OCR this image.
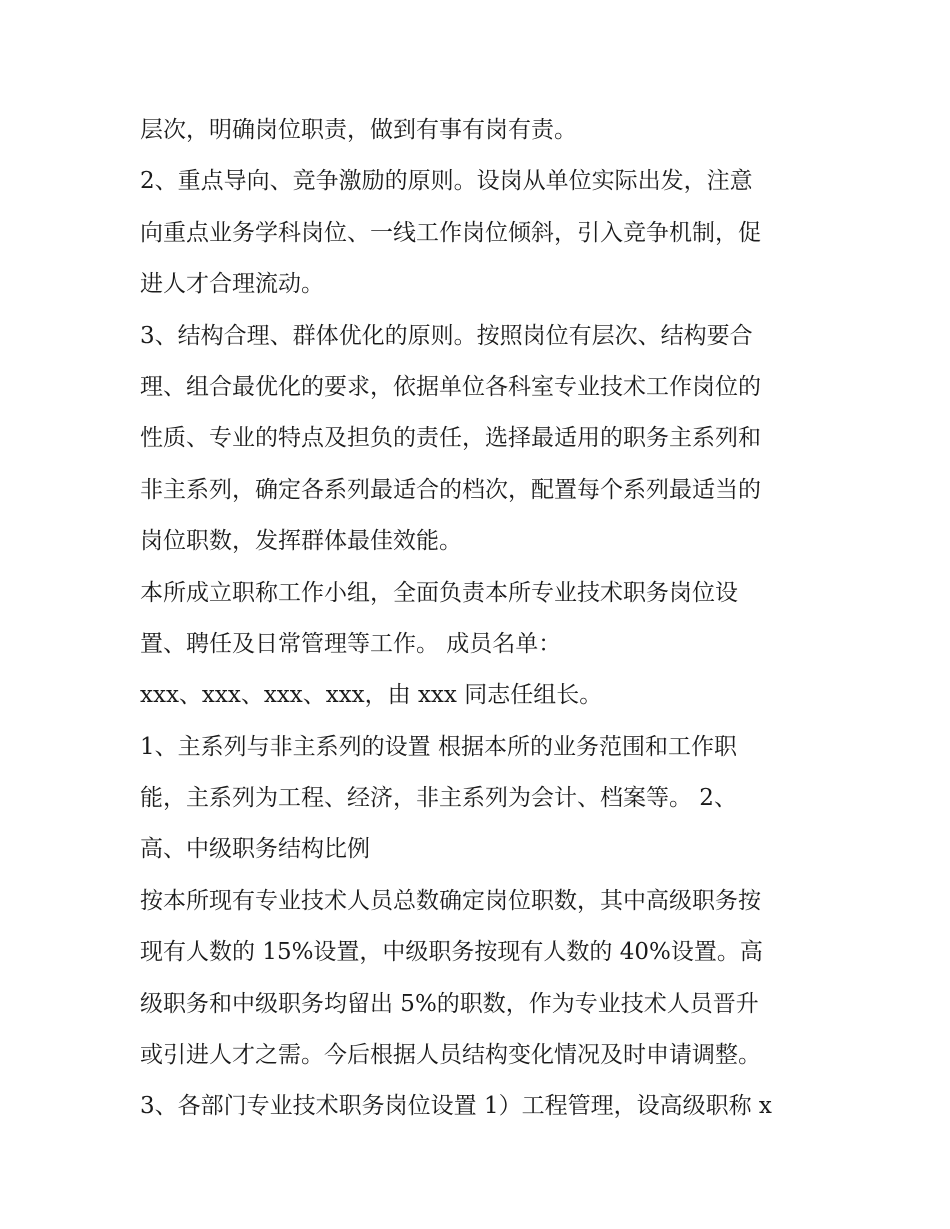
层次，明确岗位职责，做到有事有岗有责。
2、重点导向、竞争激励的原则。设岗从单位实际出发，注意
向重点业务学科岗位、一线工作岗位倾斜，引入竞争机制，促
进人才合理流动。
3、结构合理、群体优化的原则。按照岗位有层次、结构要合
理、组合最优化的要求，依据单位各科室专业技术工作岗位的
性质、专业的特点及担负的责任，选择最适用的职务主系列和
非主系列，确定各系列最适合的档次，配置每个系列最适当的
岗位职数，发挥群体最佳效能。
本所成立职称工作小组，全面负责本所专业技术职务岗位设
置、聘任及日常管理等工作。 成员名单：
xxx、xxx、xxx、xxx，由 xxx 同志任组长。
1、主系列与非主系列的设置 根据本所的业务范围和工作职
能，主系列为工程、经济，非主系列为会计、档案等。 2、
高、中级职务结构比例
按本所现有专业技术人员总数确定岗位职数，其中高级职务按
现有人数的 15%设置，中级职务按现有人数的 40%设置。高
级职务和中级职务均留出 5%的职数，作为专业技术人员晋升
或引进人才之需。今后根据人员结构变化情况及时申请调整。
3、各部门专业技术职务岗位设置 1）工程管理，设高级职称 x
